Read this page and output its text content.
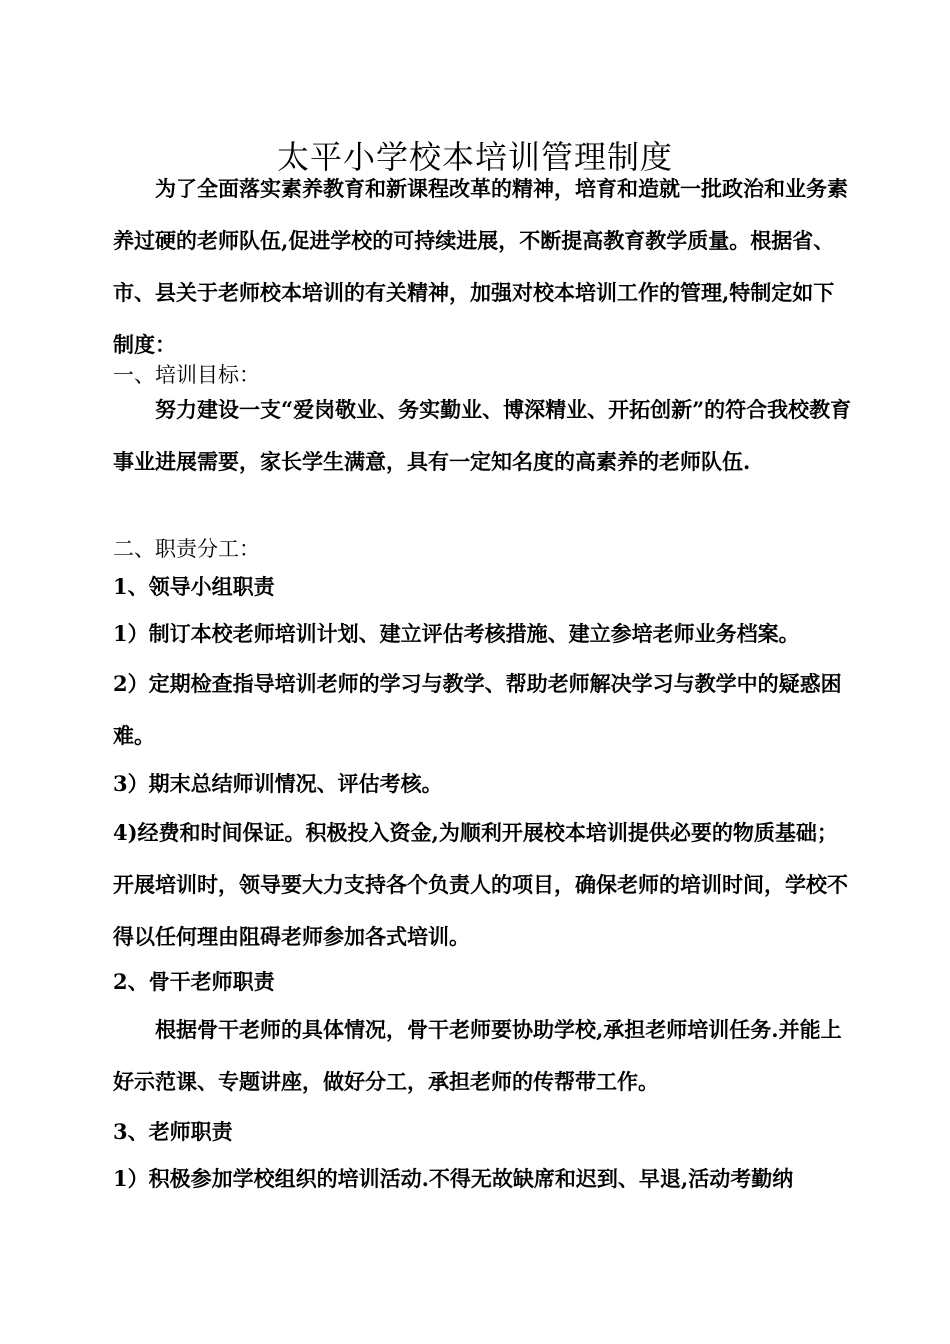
太平小学校本培训管理制度

为了全面落实素养教育和新课程改革的精神，培育和造就一批政治和业务素养过硬的老师队伍,促进学校的可持续进展，不断提高教育教学质量。根据省、市、县关于老师校本培训的有关精神，加强对校本培训工作的管理,特制定如下制度：

一、培训目标：

努力建设一支“爱岗敬业、务实勤业、博深精业、开拓创新”的符合我校教育事业进展需要，家长学生满意，具有一定知名度的高素养的老师队伍.

二、职责分工：

1、领导小组职责

1）制订本校老师培训计划、建立评估考核措施、建立参培老师业务档案。

2）定期检查指导培训老师的学习与教学、帮助老师解决学习与教学中的疑惑困难。

3）期末总结师训情况、评估考核。

4)经费和时间保证。积极投入资金,为顺利开展校本培训提供必要的物质基础；开展培训时，领导要大力支持各个负责人的项目，确保老师的培训时间，学校不得以任何理由阻碍老师参加各式培训。

2、骨干老师职责

根据骨干老师的具体情况，骨干老师要协助学校,承担老师培训任务.并能上好示范课、专题讲座，做好分工，承担老师的传帮带工作。

3、老师职责

1）积极参加学校组织的培训活动.不得无故缺席和迟到、早退,活动考勤纳
